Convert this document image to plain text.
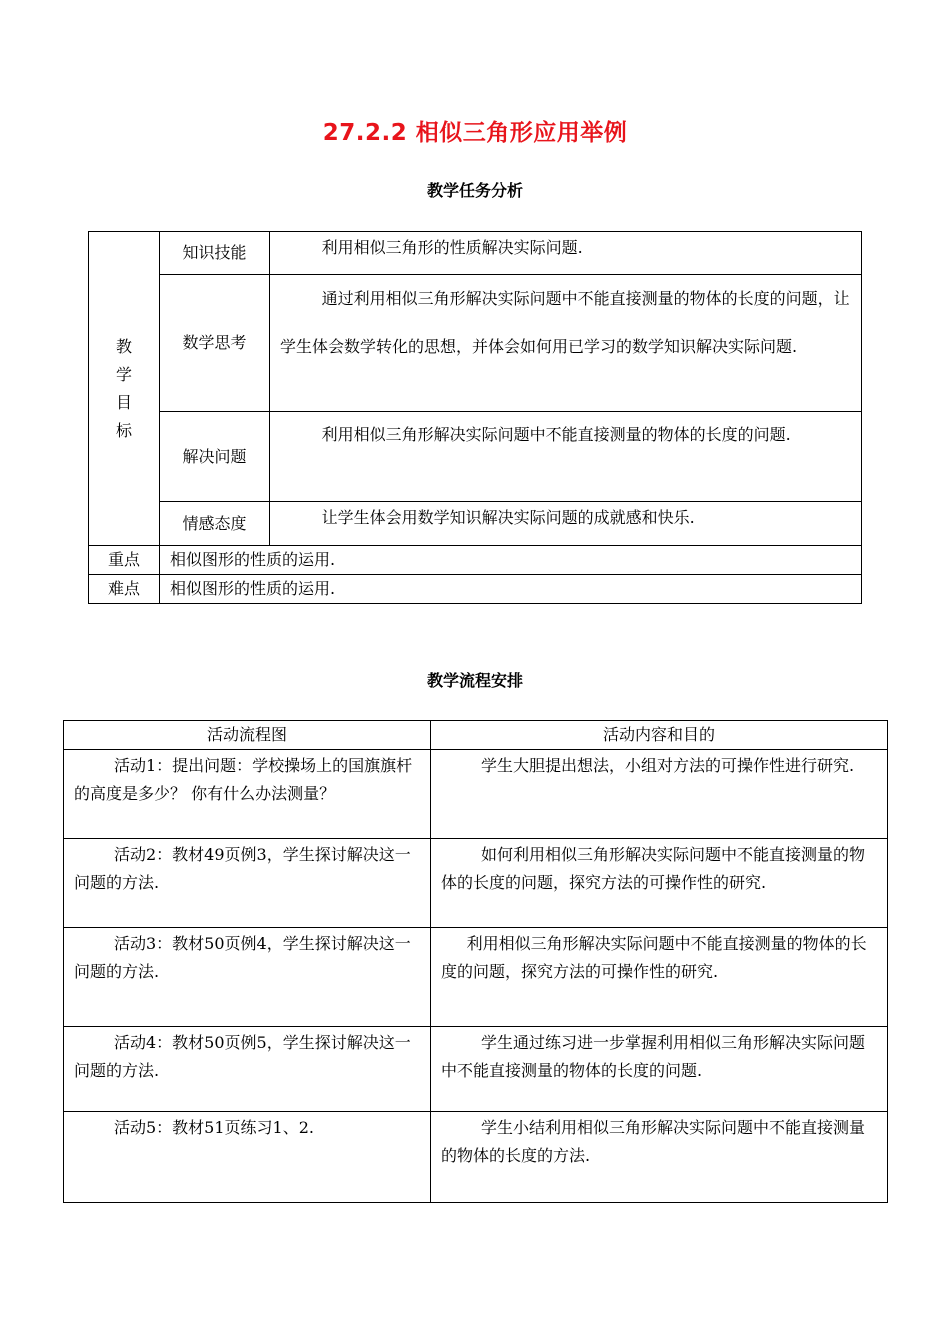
27.2.2 相似三角形应用举例
教学任务分析
教
学
目
标	知识技能	利用相似三角形的性质解决实际问题.
	数学思考	通过利用相似三角形解决实际问题中不能直接测量的物体的长度的问题，让学生体会数学转化的思想，并体会如何用已学习的数学知识解决实际问题.
	解决问题	利用相似三角形解决实际问题中不能直接测量的物体的长度的问题.
	情感态度	让学生体会用数学知识解决实际问题的成就感和快乐.
重点	相似图形的性质的运用.	
难点	相似图形的性质的运用.	
教学流程安排
活动流程图	活动内容和目的
活动1：提出问题：学校操场上的国旗旗杆的高度是多少？ 你有什么办法测量？	学生大胆提出想法，小组对方法的可操作性进行研究.
活动2：教材49页例3，学生探讨解决这一问题的方法.	如何利用相似三角形解决实际问题中不能直接测量的物体的长度的问题，探究方法的可操作性的研究.
活动3：教材50页例4，学生探讨解决这一问题的方法.	利用相似三角形解决实际问题中不能直接测量的物体的长度的问题，探究方法的可操作性的研究.
活动4：教材50页例5，学生探讨解决这一问题的方法.	学生通过练习进一步掌握利用相似三角形解决实际问题中不能直接测量的物体的长度的问题.
活动5：教材51页练习1、2.	学生小结利用相似三角形解决实际问题中不能直接测量的物体的长度的方法.
